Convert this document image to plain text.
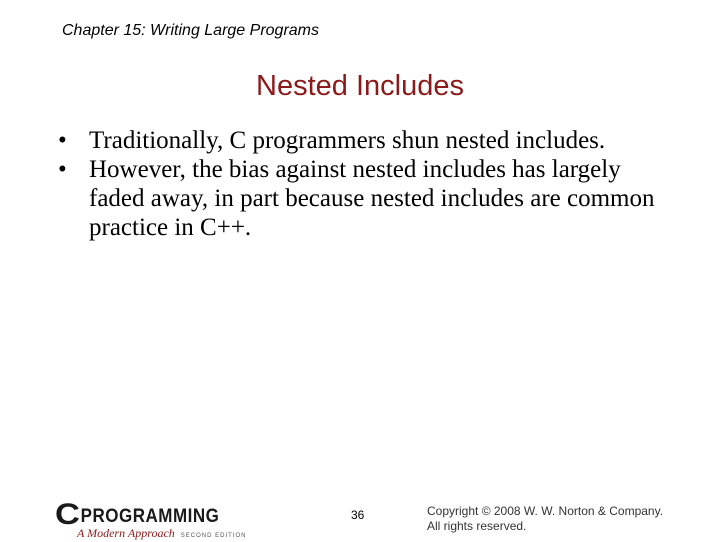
Chapter 15: Writing Large Programs
Nested Includes
• Traditionally, C programmers shun nested includes.
• However, the bias against nested includes has largely faded away, in part because nested includes are common practice in C++.
CPROGRAMMING
A Modern Approach SECOND EDITION
36	Copyright © 2008 W. W. Norton & Company.
All rights reserved.
